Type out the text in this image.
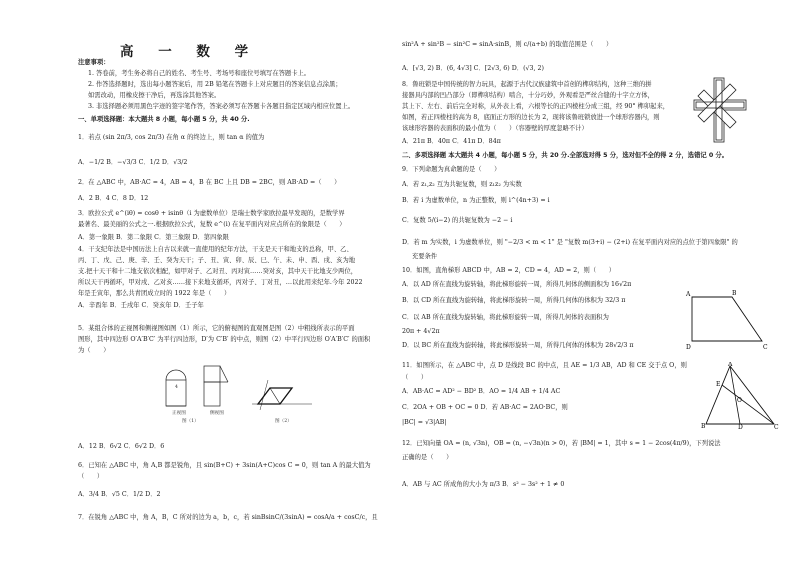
高 一 数 学
注意事项：
1. 答卷前，考生务必将自己的姓名、考生号、考场号和座位号填写在答题卡上。
2. 作答选择题时，选出每小题答案后，用 2B 铅笔在答题卡上对应题目的答案信息点涂黑；
如需改动，用橡皮擦干净后，再选涂其他答案。
3. 非选择题必须用黑色字迹的签字笔作答，答案必须写在答题卡各题目指定区域内相应位置上。
一、单项选择题：本大题共 8 小题，每小题 5 分，共 40 分.
1．若点 (sin 2π/3, cos 2π/3) 在角 α 的终边上，则 tan α 的值为
A．−1/2 B．−√3/3 C．1/2 D．√3/2
2．在 △ABC 中，AB·AC = 4，AB = 4，B 在 BC 上且 DB = 2BC，则 AB·AD =（　　）
A．2 B．4 C．8 D．12
3．欧拉公式 e^(iθ) = cosθ + isinθ（i 为虚数单位）是瑞士数学家欧拉最早发现的，是数学界
最著名、最美丽的公式之一.根据欧拉公式，复数 e^(i) 在复平面内对应点所在的象限是（　　）
A．第一象限 B．第二象限 C．第三象限 D．第四象限
4．干支纪年法是中国历法上自古以来就一直使用的纪年方法，干支是天干和地支的总称，甲、乙、
丙、丁、戊、己、庚、辛、壬、癸为天干；子、丑、寅、卯、辰、巳、午、未、申、酉、戌、亥为地
支.把十天干和十二地支依次相配，如甲对子、乙对丑、丙对寅……癸对亥，其中天干比地支少两位，
所以天干再循环，甲对戌、乙对亥……接下来地支循环，丙对子、丁对丑，…以此用来纪年.今年 2022
年是壬寅年，那么共青团成立时的 1922 年是（　　）
A．辛酉年 B．壬戌年 C．癸亥年 D．壬子年
5．某组合体的正视图和侧视图如图（1）所示，它的俯视图的直观图是图（2）中粗线所表示的平面
图形，其中四边形 O′A′B′C′ 为平行四边形，D′为 C′B′ 的中点，则图（2）中平行四边形 O′A′B′C′ 的面积
为（　　）
A．12 B．6√2 C．6√2 D．6
6．已知在 △ABC 中，角 A,B 都是锐角，且 sin(B+C) + 3sin(A+C)cos C = 0，则 tan A 的最大值为
（　　）
A．3/4 B．√5 C．1/2 D．2
7．在锐角 △ABC 中，角 A，B，C 所对的边为 a，b，c，若 sinBsinC/(3sinA) = cosA/a + cosC/c，且
sin²A + sin²B − sin²C = sinA·sinB，则 c/(a+b) 的取值范围是（　　）
A．[√3, 2) B．(6, 4√3] C．[2√3, 6) D．(√3, 2)
8．鲁班锁是中国传统的智力玩具，起源于古代汉族建筑中首创的榫卯结构，这种三维的拼
接器具内部的凹凸部分（即榫卯结构）啮合，十分巧妙，外观看是严丝合缝的十字立方体，
其上下、左右、前后完全对称，从外表上看，六根等长的正四棱柱分成三组，经 90° 榫卯起来，
如图，若正四棱柱的高为 8，底面正方形的边长为 2，现将该鲁班锁放进一个球形容器内，则
该球形容器的表面积的最小值为（　　）（容器壁的厚度忽略不计）
A．21π B．40π C．41π D．84π
二、多项选择题 本大题共 4 小题，每小题 5 分，共 20 分.全部选对得 5 分，选对但不全的得 2 分，选错记 0 分。
9．下列命题为真命题的是（　　）
A．若 z₁,z₂ 互为共轭复数，则 z₁z₂ 为实数
B．若 i 为虚数单位，n 为正整数，则 i^(4n+3) = i
C．复数 5/(i−2) 的共轭复数为 −2 − i
D．若 m 为实数，i 为虚数单位，则 "−2/3 < m < 1" 是 "复数 m(3+i) − (2+i) 在复平面内对应的点位于第四象限" 的
充要条件
10．如图，直角梯形 ABCD 中，AB = 2，CD = 4，AD = 2，则（　　）
A．以 AD 所在直线为旋转轴，将此梯形旋转一周，所得几何体的侧面积为 16√2π
B．以 CD 所在直线为旋转轴，将此梯形旋转一周，所得几何体的体积为 32/3 π
C．以 AB 所在直线为旋转轴，将此梯形旋转一周，所得几何体的表面积为
20π + 4√2π
D．以 BC 所在直线为旋转轴，将此梯形旋转一周，所得几何体的体积为 28√2/3 π
11．如图所示，在 △ABC 中，点 D 是线段 BC 的中点，且 AE = 1/3 AB，AD 和 CE 交于点 O，则
（　　）
A．AB·AC = AD² − BD² B．AO = 1/4 AB + 1/4 AC
C．2OA + OB + OC = 0 D．若 AB·AC = 2AO·BC，则
|BC| = √3|AB|
12．已知向量 OA = (n, √3n)，OB = (n, −√3n)(n > 0)，若 |BM| = 1，其中 s = 1 − 2cos(4π/9)，下列说法
正确的是（　　）
A．AB 与 AC 所成角的大小为 π/3 B．s² − 3s² + 1 ≠ 0
正视图	侧视图
图（1）
4
图（2）
A	B
C
D
A
B	C
D
E
O
